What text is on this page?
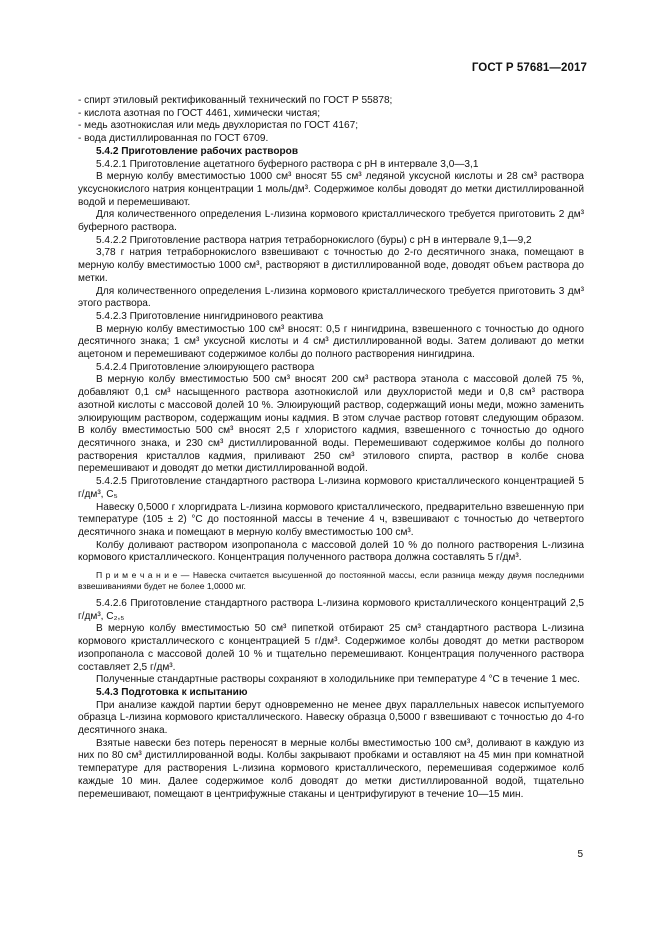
ГОСТ Р 57681—2017

- спирт этиловый ректификованный технический по ГОСТ Р 55878;

- кислота азотная по ГОСТ 4461, химически чистая;

- медь азотнокислая или медь двухлористая по ГОСТ 4167;

- вода дистиллированная по ГОСТ 6709.

5.4.2 Приготовление рабочих растворов

5.4.2.1 Приготовление ацетатного буферного раствора с pH в интервале 3,0—3,1

В мерную колбу вместимостью 1000 см³ вносят 55 см³ ледяной уксусной кислоты и 28 см³ раствора уксуснокислого натрия концентрации 1 моль/дм³. Содержимое колбы доводят до метки дистиллированной водой и перемешивают.

Для количественного определения L-лизина кормового кристаллического требуется приготовить 2 дм³ буферного раствора.

5.4.2.2 Приготовление раствора натрия тетраборнокислого (буры) с pH в интервале 9,1—9,2

3,78 г натрия тетраборнокислого взвешивают с точностью до 2-го десятичного знака, помещают в мерную колбу вместимостью 1000 см³, растворяют в дистиллированной воде, доводят объем раствора до метки.

Для количественного определения L-лизина кормового кристаллического требуется приготовить 3 дм³ этого раствора.

5.4.2.3 Приготовление нингидринового реактива

В мерную колбу вместимостью 100 см³ вносят: 0,5 г нингидрина, взвешенного с точностью до одного десятичного знака; 1 см³ уксусной кислоты и 4 см³ дистиллированной воды. Затем доливают до метки ацетоном и перемешивают содержимое колбы до полного растворения нингидрина.

5.4.2.4 Приготовление элюирующего раствора

В мерную колбу вместимостью 500 см³ вносят 200 см³ раствора этанола с массовой долей 75 %, добавляют 0,1 см³ насыщенного раствора азотнокислой или двухлористой меди и 0,8 см³ раствора азотной кислоты с массовой долей 10 %. Элюирующий раствор, содержащий ионы меди, можно заменить элюирующим раствором, содержащим ионы кадмия. В этом случае раствор готовят следующим образом. В колбу вместимостью 500 см³ вносят 2,5 г хлористого кадмия, взвешенного с точностью до одного десятичного знака, и 230 см³ дистиллированной воды. Перемешивают содержимое колбы до полного растворения кристаллов кадмия, приливают 250 см³ этилового спирта, раствор в колбе снова перемешивают и доводят до метки дистиллированной водой.

5.4.2.5 Приготовление стандартного раствора L-лизина кормового кристаллического концентрацией 5 г/дм³, C₅

Навеску 0,5000 г хлоргидрата L-лизина кормового кристаллического, предварительно взвешенную при температуре (105 ± 2) °С до постоянной массы в течение 4 ч, взвешивают с точностью до четвертого десятичного знака и помещают в мерную колбу вместимостью 100 см³.

Колбу доливают раствором изопропанола с массовой долей 10 % до полного растворения L-лизина кормового кристаллического. Концентрация полученного раствора должна составлять 5 г/дм³.

П р и м е ч а н и е — Навеска считается высушенной до постоянной массы, если разница между двумя последними взвешиваниями будет не более 1,0000 мг.

5.4.2.6 Приготовление стандартного раствора L-лизина кормового кристаллического концентраций 2,5 г/дм³, C₂,₅

В мерную колбу вместимостью 50 см³ пипеткой отбирают 25 см³ стандартного раствора L-лизина кормового кристаллического с концентрацией 5 г/дм³. Содержимое колбы доводят до метки раствором изопропанола с массовой долей 10 % и тщательно перемешивают. Концентрация полученного раствора составляет 2,5 г/дм³.

Полученные стандартные растворы сохраняют в холодильнике при температуре 4 °С в течение 1 мес.

5.4.3 Подготовка к испытанию

При анализе каждой партии берут одновременно не менее двух параллельных навесок испытуемого образца L-лизина кормового кристаллического. Навеску образца 0,5000 г взвешивают с точностью до 4-го десятичного знака.

Взятые навески без потерь переносят в мерные колбы вместимостью 100 см³, доливают в каждую из них по 80 см³ дистиллированной воды. Колбы закрывают пробками и оставляют на 45 мин при комнатной температуре для растворения L-лизина кормового кристаллического, перемешивая содержимое колб каждые 10 мин. Далее содержимое колб доводят до метки дистиллированной водой, тщательно перемешивают, помещают в центрифужные стаканы и центрифугируют в течение 10—15 мин.

5
